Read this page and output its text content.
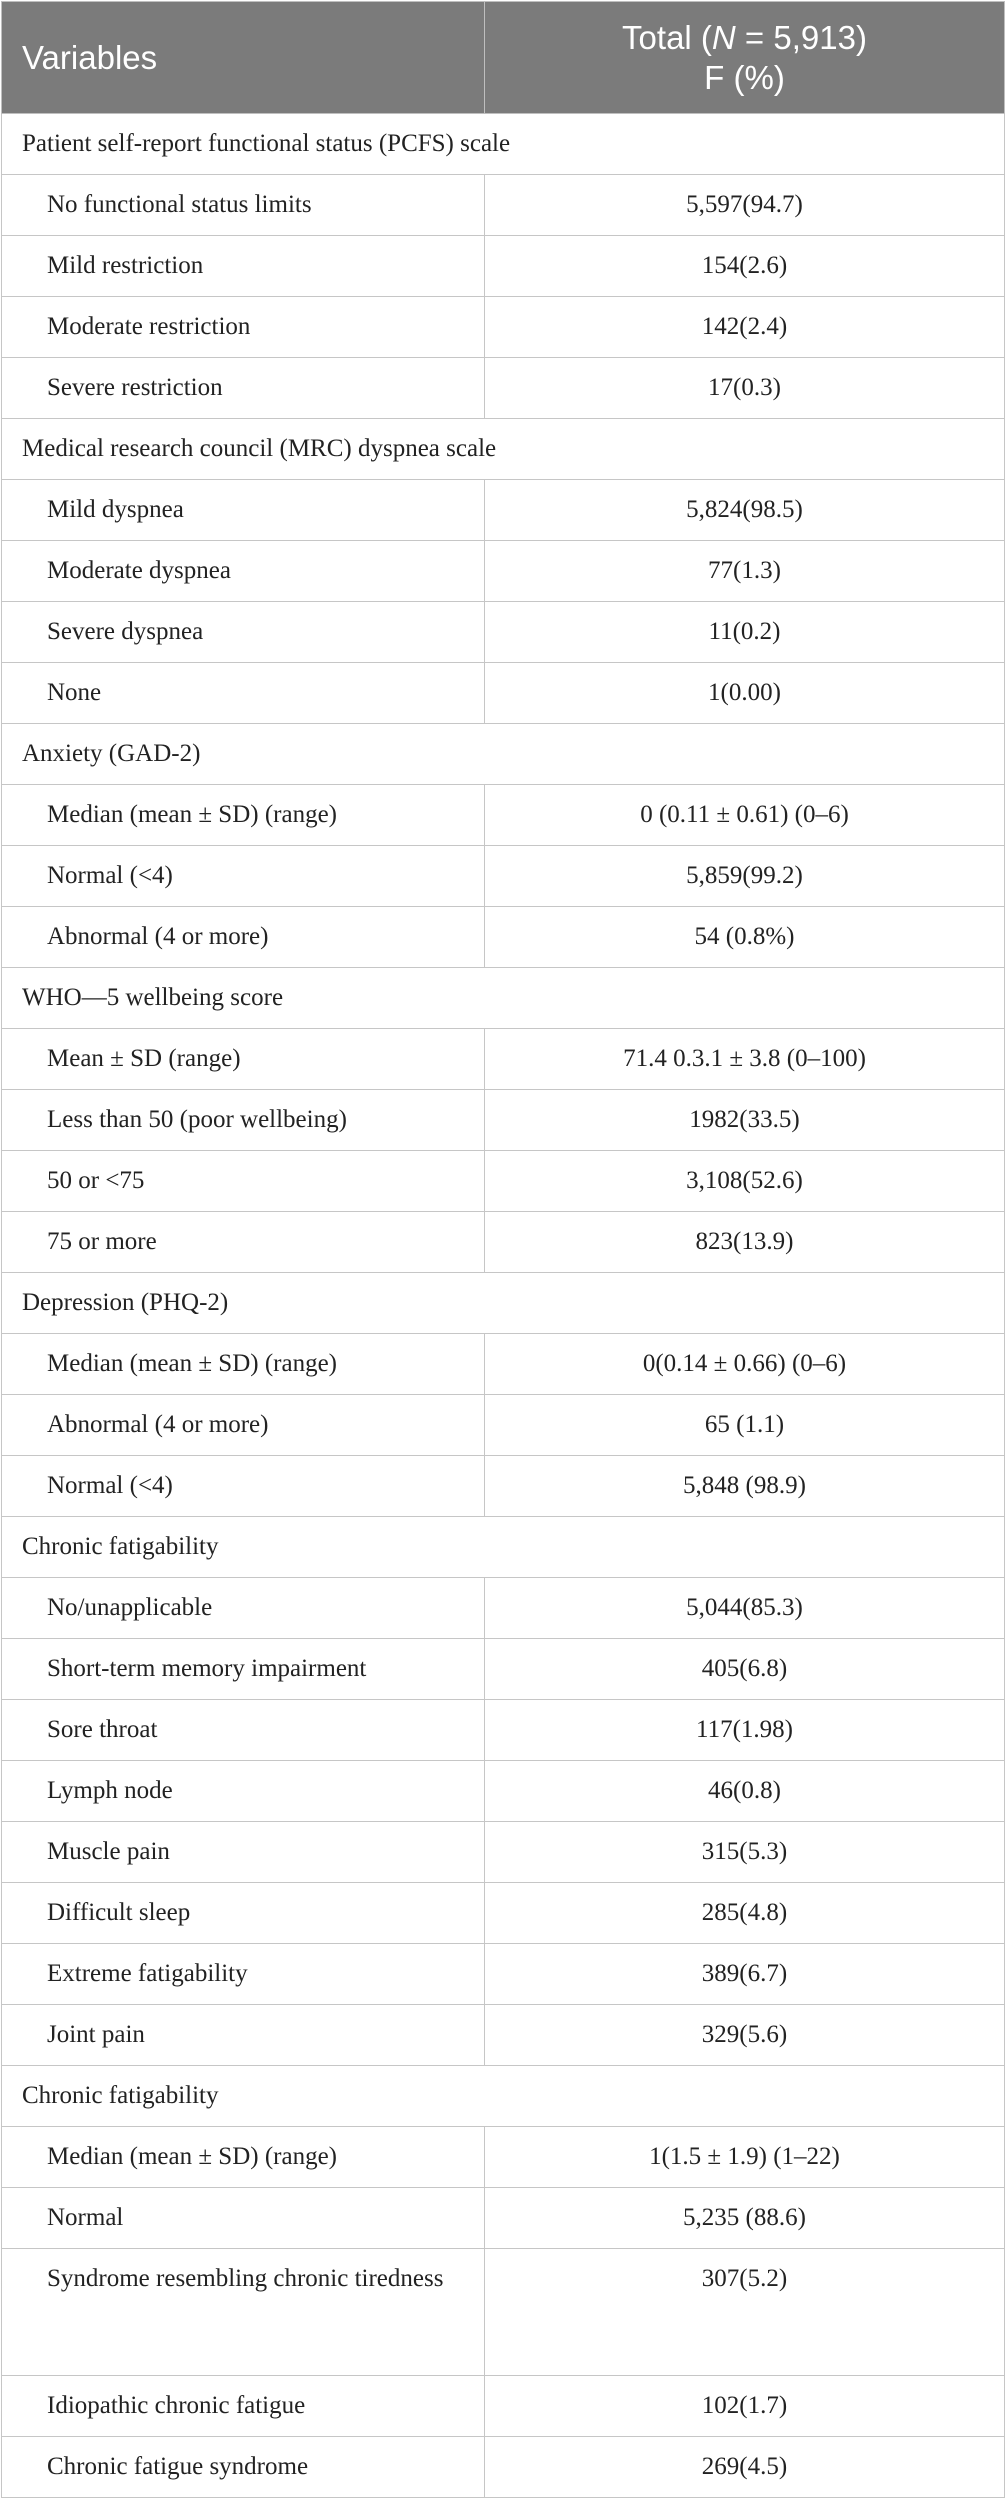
Variables	Total (N = 5,913)
F (%)

Patient self-report functional status (PCFS) scale	
No functional status limits	5,597(94.7)
Mild restriction	154(2.6)
Moderate restriction	142(2.4)
Severe restriction	17(0.3)
Medical research council (MRC) dyspnea scale	
Mild dyspnea	5,824(98.5)
Moderate dyspnea	77(1.3)
Severe dyspnea	11(0.2)
None	1(0.00)
Anxiety (GAD-2)	
Median (mean ± SD) (range)	0 (0.11 ± 0.61) (0–6)
Normal (<4)	5,859(99.2)
Abnormal (4 or more)	54 (0.8%)
WHO—5 wellbeing score	
Mean ± SD (range)	71.4 0.3.1 ± 3.8 (0–100)
Less than 50 (poor wellbeing)	1982(33.5)
50 or <75	3,108(52.6)
75 or more	823(13.9)
Depression (PHQ-2)	
Median (mean ± SD) (range)	0(0.14 ± 0.66) (0–6)
Abnormal (4 or more)	65 (1.1)
Normal (<4)	5,848 (98.9)
Chronic fatigability	
No/unapplicable	5,044(85.3)
Short-term memory impairment	405(6.8)
Sore throat	117(1.98)
Lymph node	46(0.8)
Muscle pain	315(5.3)
Difficult sleep	285(4.8)
Extreme fatigability	389(6.7)
Joint pain	329(5.6)
Chronic fatigability	
Median (mean ± SD) (range)	1(1.5 ± 1.9) (1–22)
Normal	5,235 (88.6)
Syndrome resembling chronic tiredness	307(5.2)
Idiopathic chronic fatigue	102(1.7)
Chronic fatigue syndrome	269(4.5)
